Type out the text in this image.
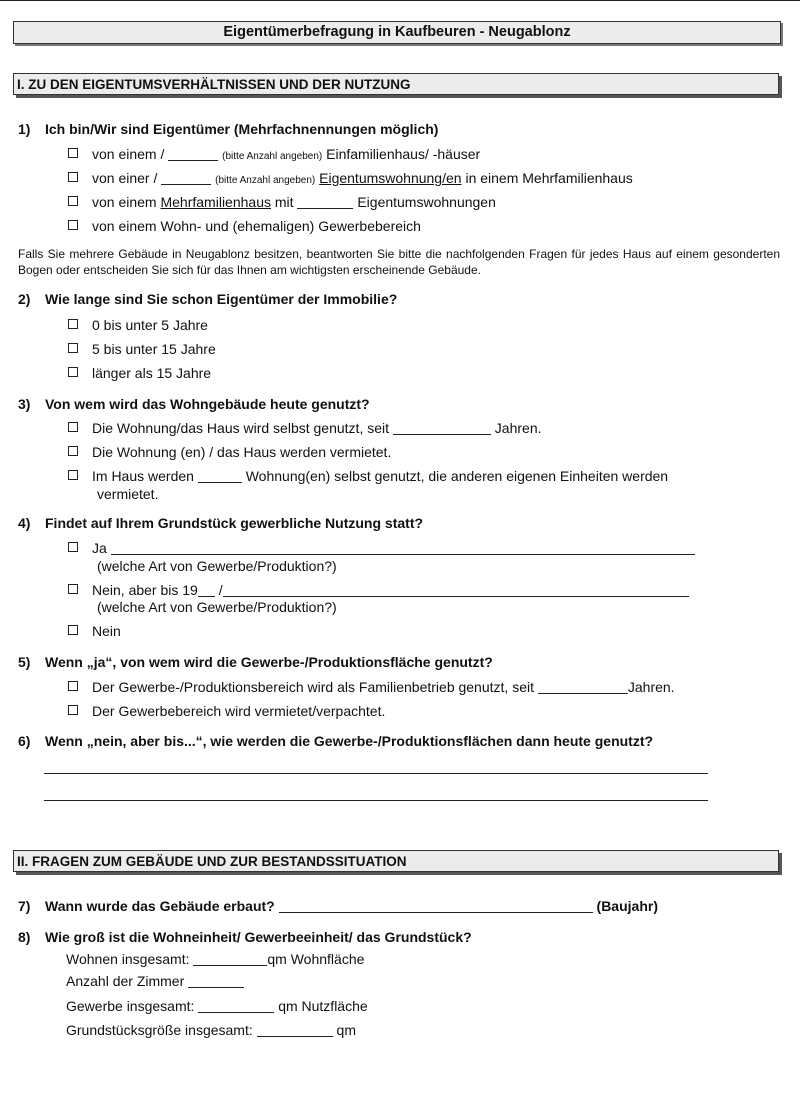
Eigentümerbefragung in Kaufbeuren - Neugablonz
I. ZU DEN EIGENTUMSVERHÄLTNISSEN UND DER NUTZUNG
1) Ich bin/Wir sind Eigentümer (Mehrfachnennungen möglich)
von einem /	(bitte Anzahl angeben) Einfamilienhaus/ -häuser
von einer /	(bitte Anzahl angeben) Eigentumswohnung/en in einem Mehrfamilienhaus
von einem Mehrfamilienhaus mit	Eigentumswohnungen
von einem Wohn- und (ehemaligen) Gewerbebereich
Falls Sie mehrere Gebäude in Neugablonz besitzen, beantworten Sie bitte die nachfolgenden Fragen für jedes Haus auf einem gesonderten Bogen oder entscheiden Sie sich für das Ihnen am wichtigsten erscheinende Gebäude.
2) Wie lange sind Sie schon Eigentümer der Immobilie?
0 bis unter 5 Jahre
5 bis unter 15 Jahre
länger als 15 Jahre
3) Von wem wird das Wohngebäude heute genutzt?
Die Wohnung/das Haus wird selbst genutzt, seit	Jahren.
Die Wohnung (en) / das Haus werden vermietet.
Im Haus werden	Wohnung(en) selbst genutzt, die anderen eigenen Einheiten werden
vermietet.
4) Findet auf Ihrem Grundstück gewerbliche Nutzung statt?
Ja
(welche Art von Gewerbe/Produktion?)
Nein, aber bis 19 /
(welche Art von Gewerbe/Produktion?)
Nein
5) Wenn „ja“, von wem wird die Gewerbe-/Produktionsfläche genutzt?
Der Gewerbe-/Produktionsbereich wird als Familienbetrieb genutzt, seit	Jahren.
Der Gewerbebereich wird vermietet/verpachtet.
6) Wenn „nein, aber bis...“, wie werden die Gewerbe-/Produktionsflächen dann heute genutzt?
II. FRAGEN ZUM GEBÄUDE UND ZUR BESTANDSSITUATION
7) Wann wurde das Gebäude erbaut?	(Baujahr)
8) Wie groß ist die Wohneinheit/ Gewerbeeinheit/ das Grundstück?
Wohnen insgesamt:	qm Wohnfläche
Anzahl der Zimmer
Gewerbe insgesamt:	qm Nutzfläche
Grundstücksgröße insgesamt:	qm
